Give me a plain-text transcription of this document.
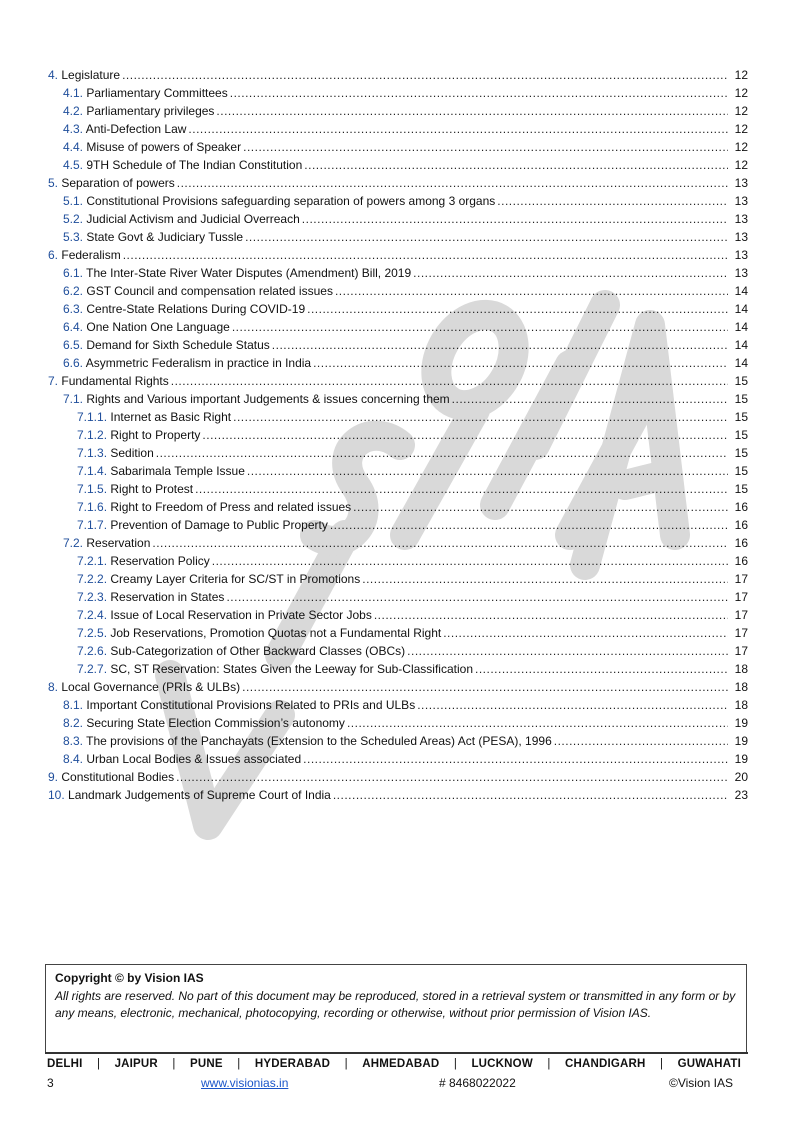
4. Legislature .....	12
4.1. Parliamentary Committees .....	12
4.2. Parliamentary privileges .....	12
4.3. Anti-Defection Law .....	12
4.4. Misuse of powers of Speaker .....	12
4.5. 9TH Schedule of The Indian Constitution .....	12
5. Separation of powers .....	13
5.1. Constitutional Provisions safeguarding separation of powers among 3 organs .....	13
5.2. Judicial Activism and Judicial Overreach .....	13
5.3. State Govt & Judiciary Tussle .....	13
6. Federalism .....	13
6.1. The Inter-State River Water Disputes (Amendment) Bill, 2019 .....	13
6.2. GST Council and compensation related issues .....	14
6.3. Centre-State Relations During COVID-19 .....	14
6.4. One Nation One Language .....	14
6.5. Demand for Sixth Schedule Status .....	14
6.6. Asymmetric Federalism in practice in India .....	14
7. Fundamental Rights .....	15
7.1. Rights and Various important Judgements & issues concerning them .....	15
7.1.1. Internet as Basic Right .....	15
7.1.2. Right to Property .....	15
7.1.3. Sedition .....	15
7.1.4. Sabarimala Temple Issue .....	15
7.1.5. Right to Protest .....	15
7.1.6. Right to Freedom of Press and related issues .....	16
7.1.7. Prevention of Damage to Public Property .....	16
7.2. Reservation .....	16
7.2.1. Reservation Policy .....	16
7.2.2. Creamy Layer Criteria for SC/ST in Promotions .....	17
7.2.3. Reservation in States .....	17
7.2.4. Issue of Local Reservation in Private Sector Jobs .....	17
7.2.5. Job Reservations, Promotion Quotas not a Fundamental Right .....	17
7.2.6. Sub-Categorization of Other Backward Classes (OBCs) .....	17
7.2.7. SC, ST Reservation: States Given the Leeway for Sub-Classification .....	18
8. Local Governance (PRIs & ULBs) .....	18
8.1. Important Constitutional Provisions Related to PRIs and ULBs .....	18
8.2. Securing State Election Commission’s autonomy .....	19
8.3. The provisions of the Panchayats (Extension to the Scheduled Areas) Act (PESA), 1996 .....	19
8.4. Urban Local Bodies & Issues associated .....	19
9. Constitutional Bodies .....	20
10. Landmark Judgements of Supreme Court of India .....	23
Copyright © by Vision IAS
All rights are reserved. No part of this document may be reproduced, stored in a retrieval system or transmitted in any form or by any means, electronic, mechanical, photocopying, recording or otherwise, without prior permission of Vision IAS.
DELHI | JAIPUR | PUNE | HYDERABAD | AHMEDABAD | LUCKNOW | CHANDIGARH | GUWAHATI
3	www.visionias.in	# 8468022022	©Vision IAS
